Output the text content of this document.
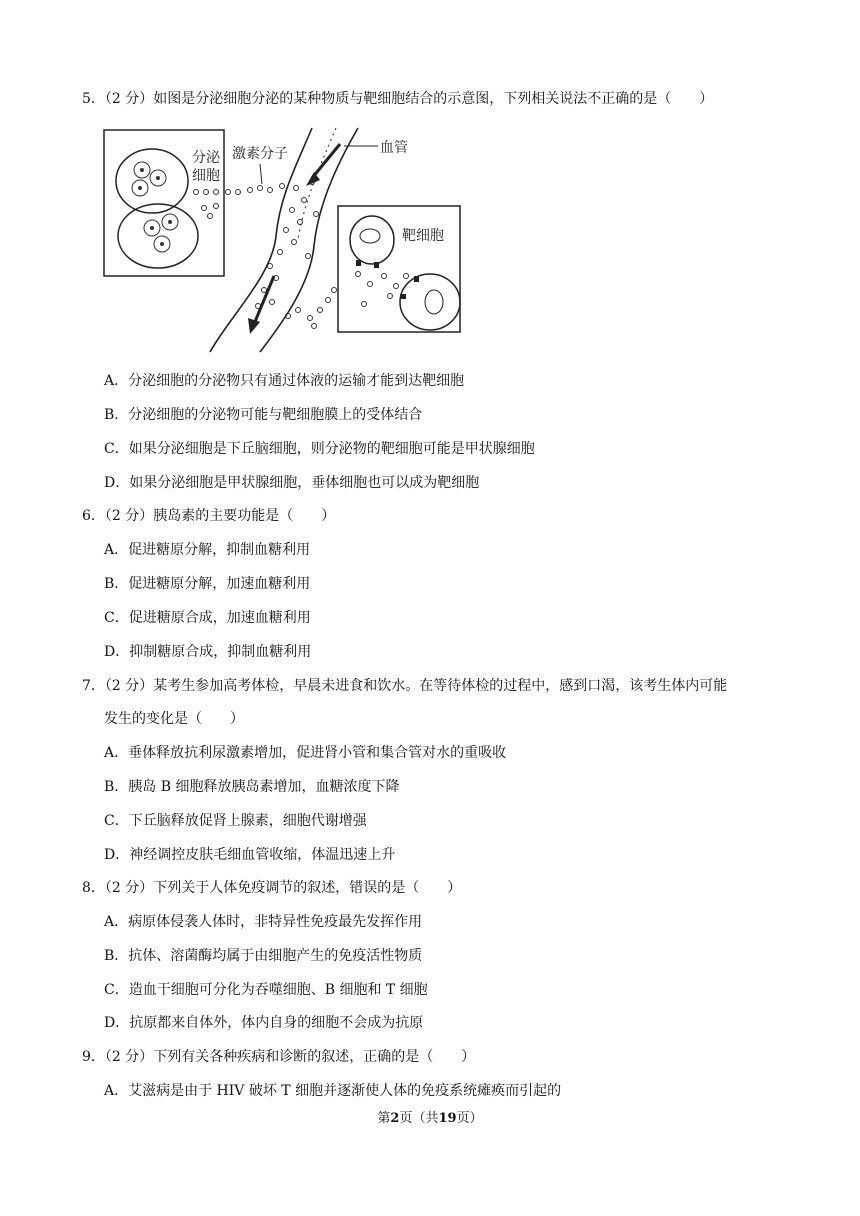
5．（2 分）如图是分泌细胞分泌的某种物质与靶细胞结合的示意图，下列相关说法不正确的是（　　）
分泌
细胞
激素分子	血管
靶细胞
A．分泌细胞的分泌物只有通过体液的运输才能到达靶细胞
B．分泌细胞的分泌物可能与靶细胞膜上的受体结合
C．如果分泌细胞是下丘脑细胞，则分泌物的靶细胞可能是甲状腺细胞
D．如果分泌细胞是甲状腺细胞，垂体细胞也可以成为靶细胞
6．（2 分）胰岛素的主要功能是（　　）
A．促进糖原分解，抑制血糖利用
B．促进糖原分解，加速血糖利用
C．促进糖原合成，加速血糖利用
D．抑制糖原合成，抑制血糖利用
7．（2 分）某考生参加高考体检，早晨未进食和饮水。在等待体检的过程中，感到口渴，该考生体内可能
发生的变化是（　　）
A．垂体释放抗利尿激素增加，促进肾小管和集合管对水的重吸收
B．胰岛 B 细胞释放胰岛素增加，血糖浓度下降
C．下丘脑释放促肾上腺素，细胞代谢增强
D．神经调控皮肤毛细血管收缩，体温迅速上升
8．（2 分）下列关于人体免疫调节的叙述，错误的是（　　）
A．病原体侵袭人体时，非特异性免疫最先发挥作用
B．抗体、溶菌酶均属于由细胞产生的免疫活性物质
C．造血干细胞可分化为吞噬细胞、B 细胞和 T 细胞
D．抗原都来自体外，体内自身的细胞不会成为抗原
9．（2 分）下列有关各种疾病和诊断的叙述，正确的是（　　）
A．艾滋病是由于 HIV 破坏 T 细胞并逐渐使人体的免疫系统瘫痪而引起的
第2页（共19页）
